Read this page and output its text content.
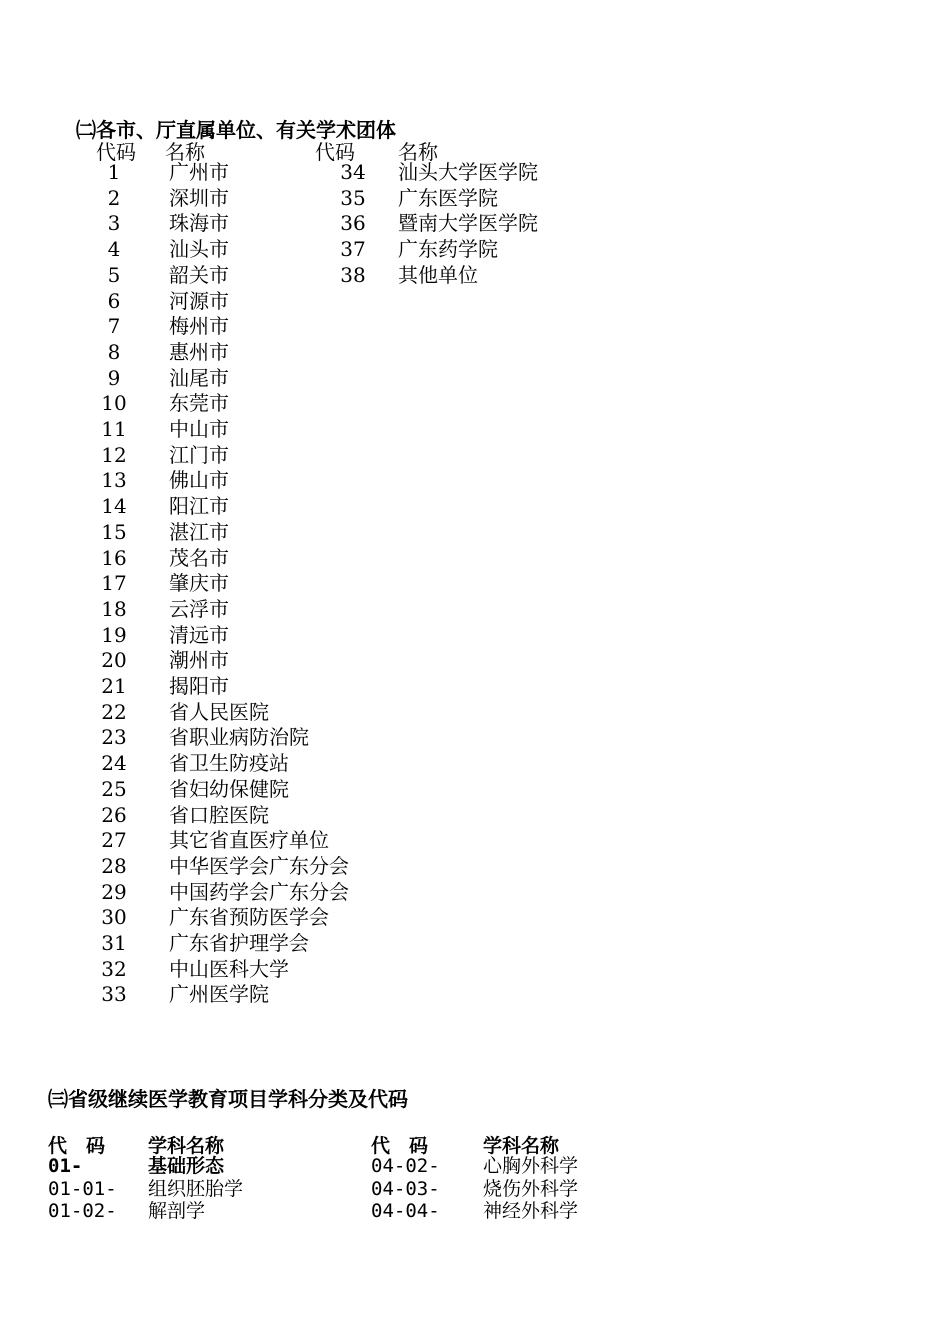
㈡各市、厅直属单位、有关学术团体
代码 名称	代码 名称
1	广州市
2	深圳市
3	珠海市
4	汕头市
5	韶关市
6	河源市
7	梅州市
8	惠州市
9	汕尾市
10	东莞市
11	中山市
12	江门市
13	佛山市
14	阳江市
15	湛江市
16	茂名市
17	肇庆市
18	云浮市
19	清远市
20	潮州市
21	揭阳市
22	省人民医院
23	省职业病防治院
24	省卫生防疫站
25	省妇幼保健院
26	省口腔医院
27	其它省直医疗单位
28	中华医学会广东分会
29	中国药学会广东分会
30	广东省预防医学会
31	广东省护理学会
32	中山医科大学
33	广州医学院
34	汕头大学医学院
35	广东医学院
36	暨南大学医学院
37	广东药学院
38	其他单位
㈢省级继续医学教育项目学科分类及代码
代　码 学科名称	代　码	学科名称
01-	基础形态
01-01- 组织胚胎学
01-02- 解剖学
04-02- 心胸外科学
04-03- 烧伤外科学
04-04- 神经外科学
